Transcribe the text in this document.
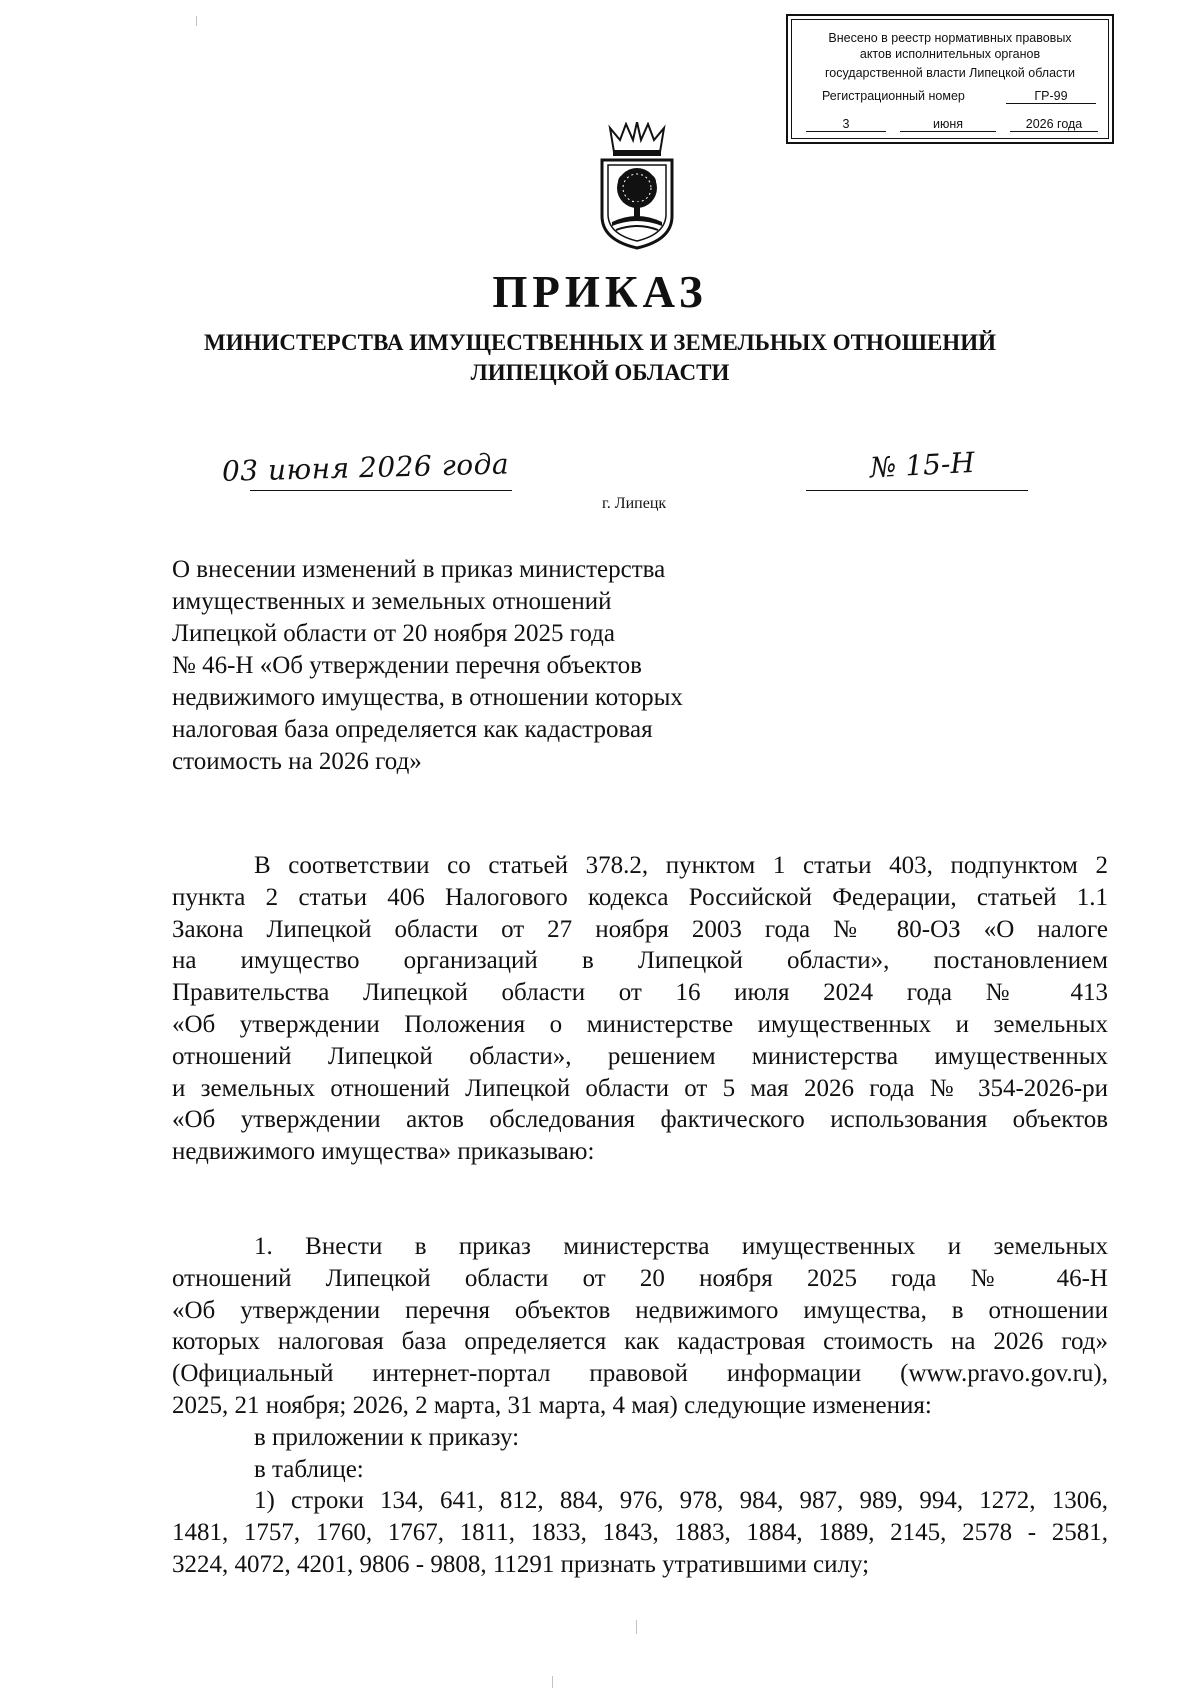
Внесено в реестр нормативных правовых
актов исполнительных органов
государственной власти Липецкой области
Регистрационный номер	ГР-99
3	июня	2026 года
ПРИКАЗ
МИНИСТЕРСТВА ИМУЩЕСТВЕННЫХ И ЗЕМЕЛЬНЫХ ОТНОШЕНИЙ
ЛИПЕЦКОЙ ОБЛАСТИ
03 июня 2026 года	№ 15-Н
г. Липецк
О внесении изменений в приказ министерства
имущественных и земельных отношений
Липецкой области от 20 ноября 2025 года
№ 46-Н «Об утверждении перечня объектов
недвижимого имущества, в отношении которых
налоговая база определяется как кадастровая
стоимость на 2026 год»
В соответствии со статьей 378.2, пунктом 1 статьи 403, подпунктом 2
пункта 2 статьи 406 Налогового кодекса Российской Федерации, статьей 1.1
Закона Липецкой области от 27 ноября 2003 года № 80-ОЗ «О налоге
на имущество организаций в Липецкой области», постановлением
Правительства Липецкой области от 16 июля 2024 года № 413
«Об утверждении Положения о министерстве имущественных и земельных
отношений Липецкой области», решением министерства имущественных
и земельных отношений Липецкой области от 5 мая 2026 года № 354-2026-ри
«Об утверждении актов обследования фактического использования объектов
недвижимого имущества» приказываю:
1. Внести в приказ министерства имущественных и земельных
отношений Липецкой области от 20 ноября 2025 года № 46-Н
«Об утверждении перечня объектов недвижимого имущества, в отношении
которых налоговая база определяется как кадастровая стоимость на 2026 год»
(Официальный интернет-портал правовой информации (www.pravo.gov.ru),
2025, 21 ноября; 2026, 2 марта, 31 марта, 4 мая) следующие изменения:
в приложении к приказу:
в таблице:
1) строки 134, 641, 812, 884, 976, 978, 984, 987, 989, 994, 1272, 1306,
1481, 1757, 1760, 1767, 1811, 1833, 1843, 1883, 1884, 1889, 2145, 2578 - 2581,
3224, 4072, 4201, 9806 - 9808, 11291 признать утратившими силу;
